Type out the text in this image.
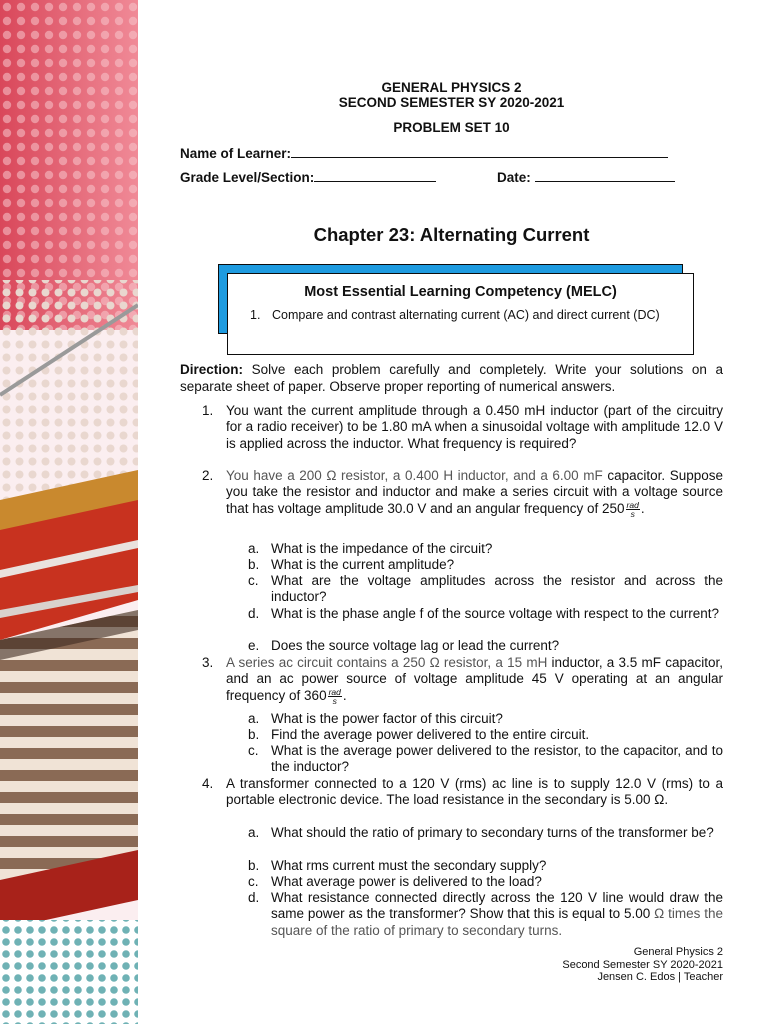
GENERAL PHYSICS 2
SECOND SEMESTER SY 2020-2021
PROBLEM SET 10
Name of Learner:
Grade Level/Section:	Date:
Chapter 23: Alternating Current
Most Essential Learning Competency (MELC)
1. Compare and contrast alternating current (AC) and direct current (DC)
Direction: Solve each problem carefully and completely. Write your solutions on a separate sheet of paper. Observe proper reporting of numerical answers.
1. You want the current amplitude through a 0.450 mH inductor (part of the circuitry for a radio receiver) to be 1.80 mA when a sinusoidal voltage with amplitude 12.0 V is applied across the inductor. What frequency is required?
2. You have a 200 Ω resistor, a 0.400 H inductor, and a 6.00 mF capacitor. Suppose you take the resistor and inductor and make a series circuit with a voltage source that has voltage amplitude 30.0 V and an angular frequency of $250 \frac{\text{rad}}{s}$ .
a. What is the impedance of the circuit?
b. What is the current amplitude?
c. What are the voltage amplitudes across the resistor and across the inductor?
d. What is the phase angle f of the source voltage with respect to the current?
e. Does the source voltage lag or lead the current?
3. A series ac circuit contains a 250 Ω resistor, a 15 mH inductor, a 3.5 mF capacitor, and an ac power source of voltage amplitude 45 V operating at an angular frequency of $360 \frac{\text{rad}}{s}$ .
a. What is the power factor of this circuit?
b. Find the average power delivered to the entire circuit.
c. What is the average power delivered to the resistor, to the capacitor, and to the inductor?
4. A transformer connected to a 120 V (rms) ac line is to supply 12.0 V (rms) to a portable electronic device. The load resistance in the secondary is 5.00 Ω.
a. What should the ratio of primary to secondary turns of the transformer be?
b. What rms current must the secondary supply?
c. What average power is delivered to the load?
d. What resistance connected directly across the 120 V line would draw the same power as the transformer? Show that this is equal to 5.00 Ω times the square of the ratio of primary to secondary turns.
General Physics 2
Second Semester SY 2020-2021
Jensen C. Edos | Teacher
